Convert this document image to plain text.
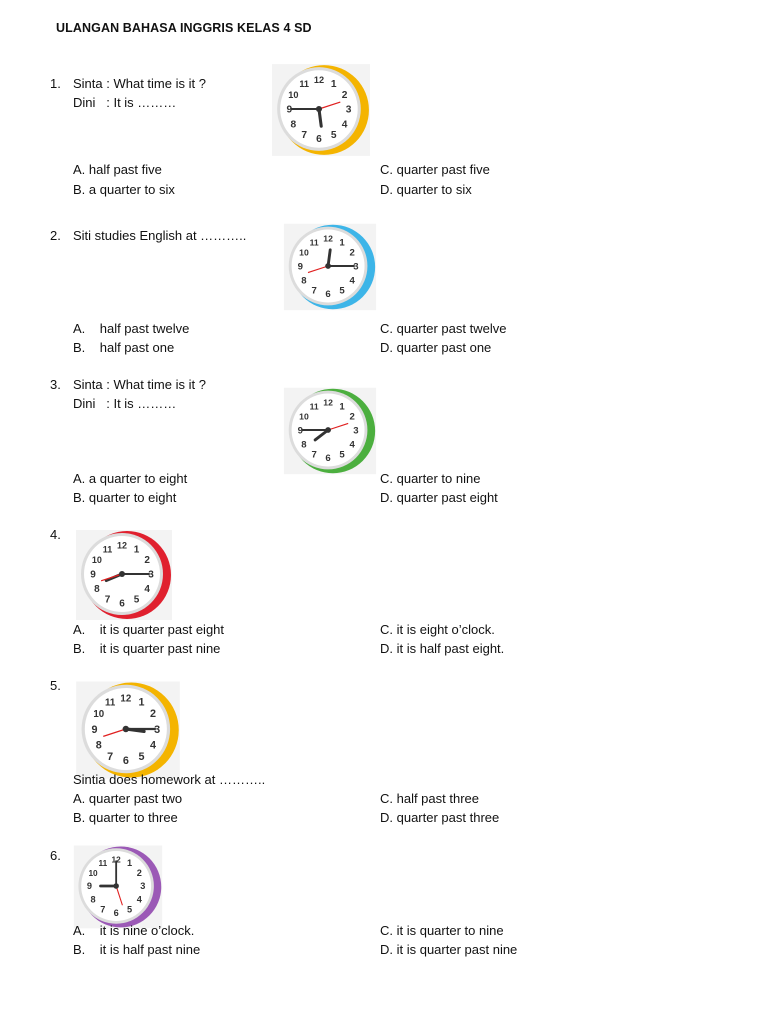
ULANGAN BAHASA INGGRIS KELAS 4 SD
1. Sinta : What time is it ?
Dini   : It is ………
12 1
2
3
4
5
6
7
8
9
10
11
A. half past five	C. quarter past five
B. a quarter to six	D. quarter to six
2. Siti studies English at ………..	12 1
2
3
4
5
6
7
8
9
10
11
A.    half past twelve	C. quarter past twelve
B.    half past one	D. quarter past one
3. Sinta : What time is it ?
Dini   : It is ………	12 1
2
3
4
5
6
7
8
9
10
11
A. a quarter to eight	C. quarter to nine
B. quarter to eight	D. quarter past eight
4.
12 1
2
3
4
5
6
7
8
9
10
11
A.    it is quarter past eight	C. it is eight o’clock.
B.    it is quarter past nine	D. it is half past eight.
5.
12 1
2
3
4
5
6
7
8
9
10
11
Sintia does homework at ………..
A. quarter past two	C. half past three
B. quarter to three	D. quarter past three
6.	12 1
2
3
4
5
6
7
8
9
10
11
A.    it is nine o’clock.	C. it is quarter to nine
B.    it is half past nine	D. it is quarter past nine
